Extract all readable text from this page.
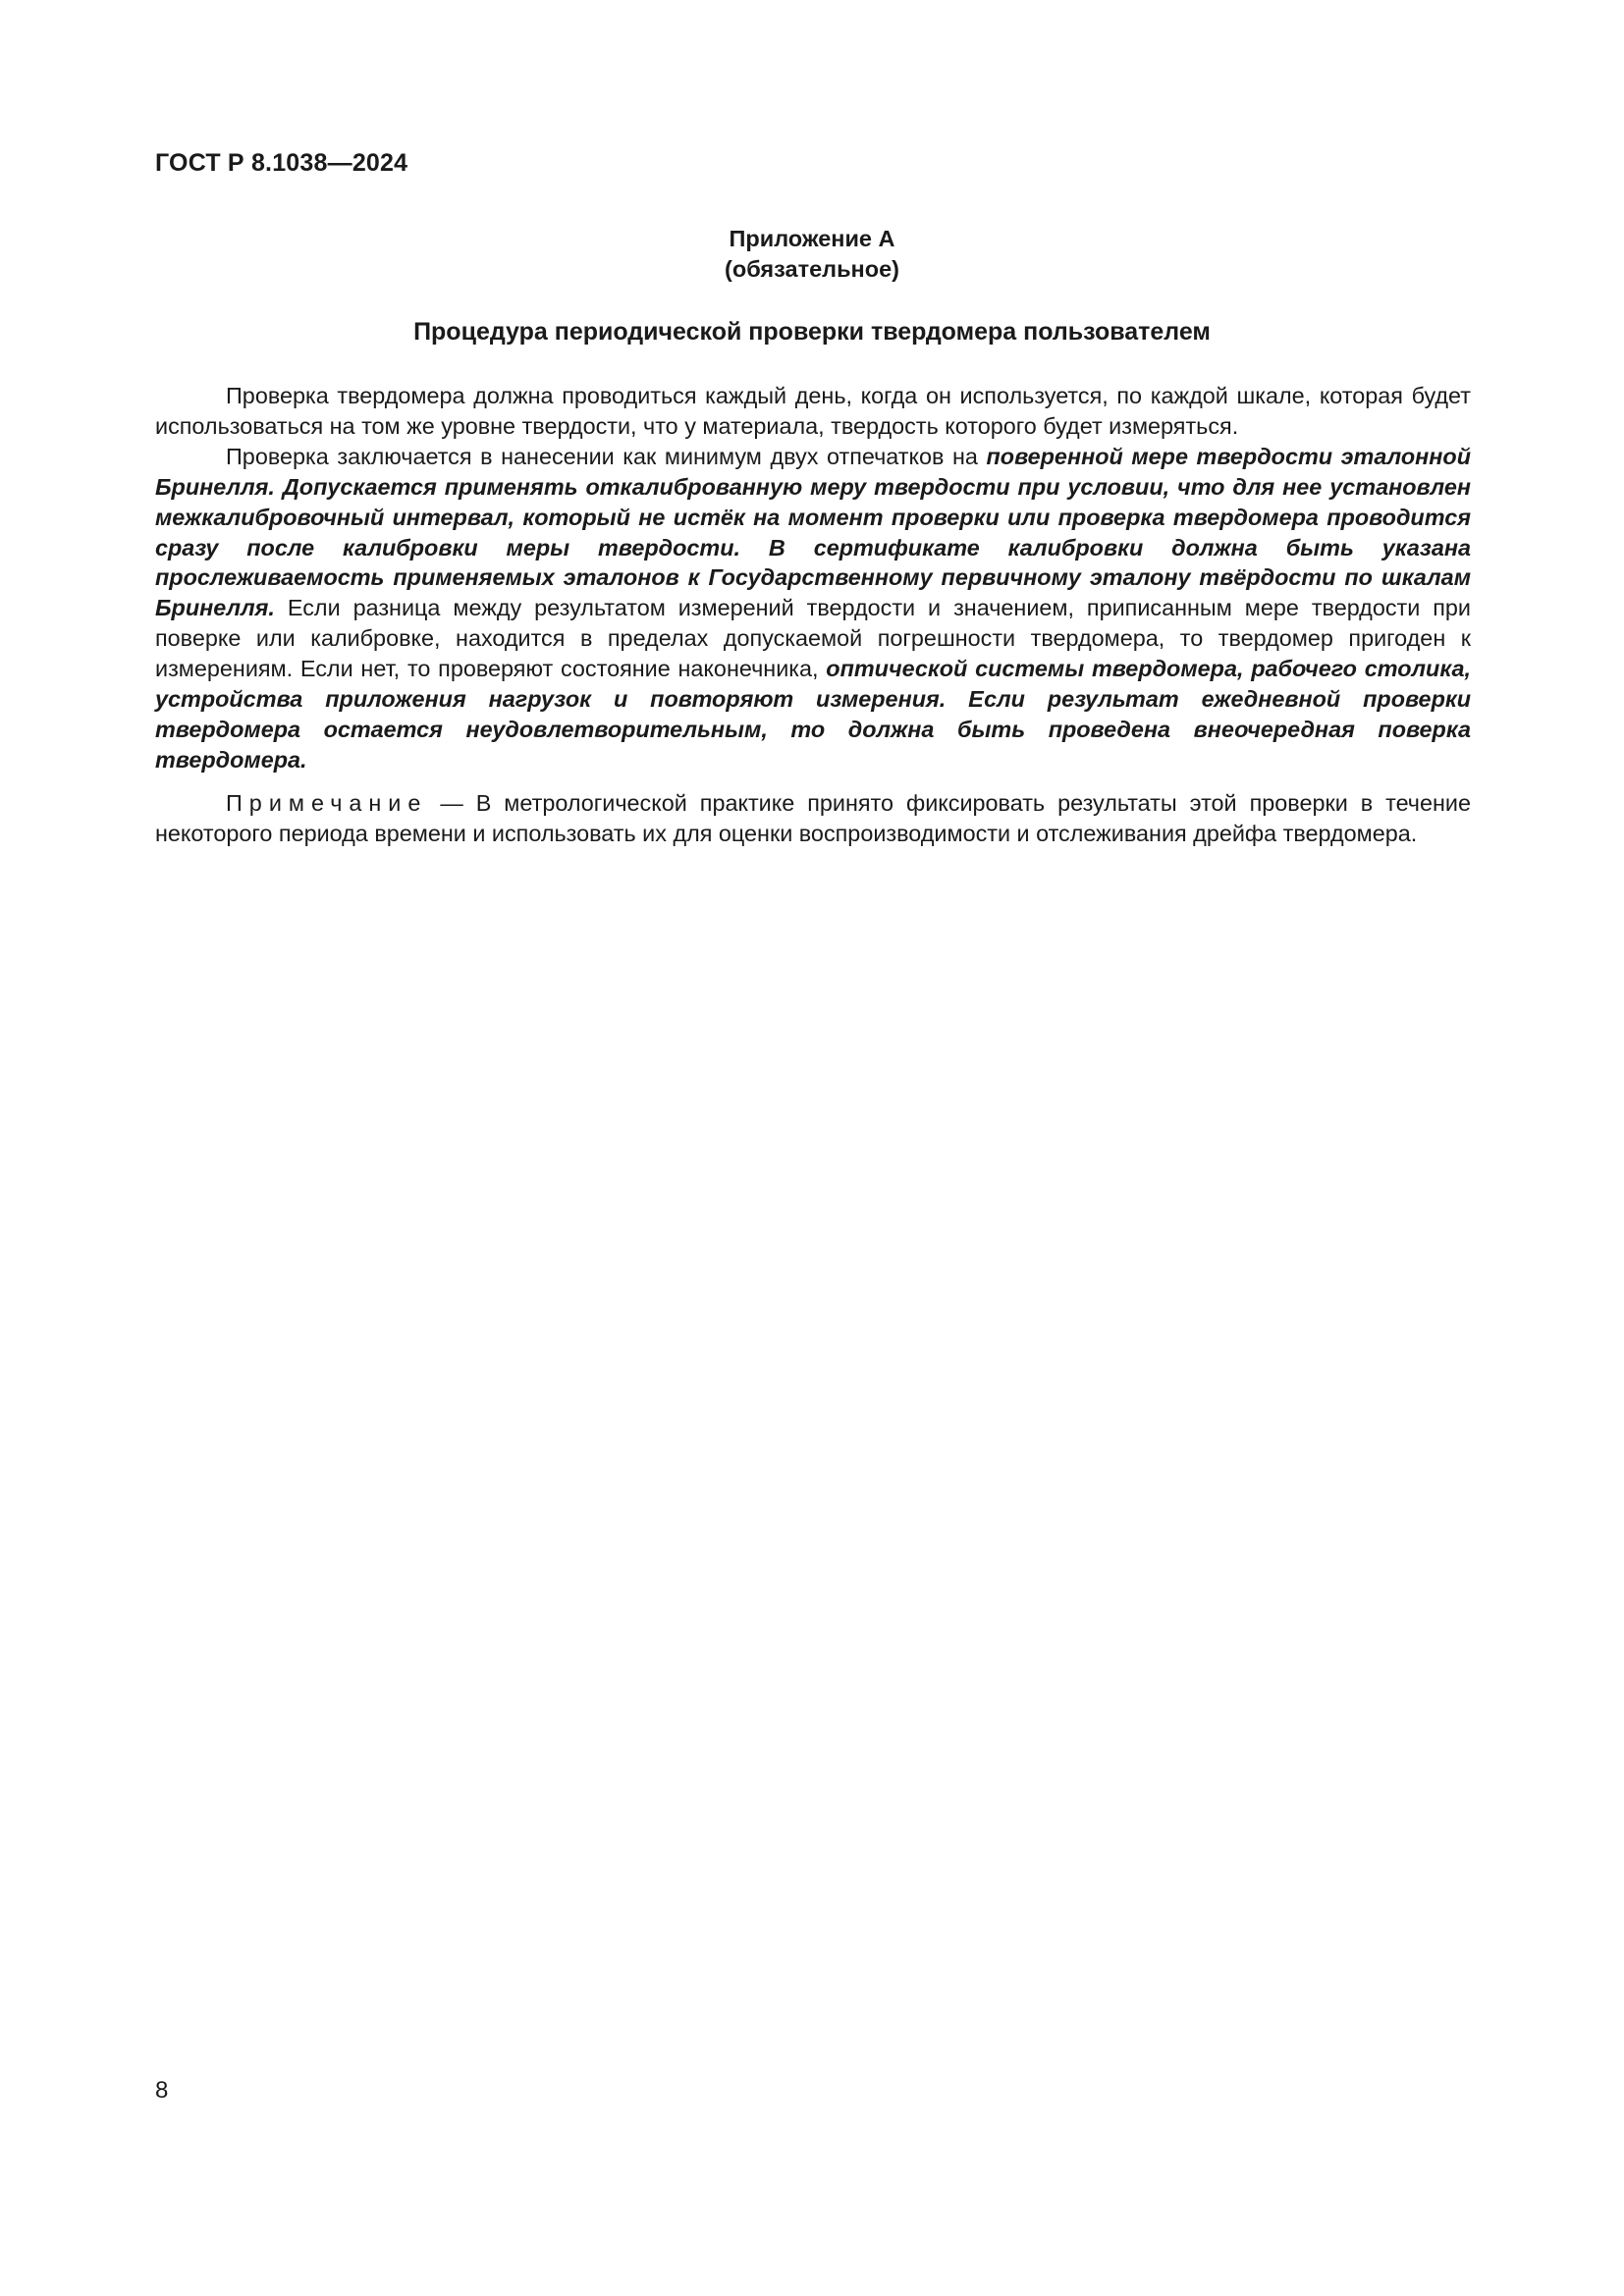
ГОСТ Р 8.1038—2024
Приложение А
(обязательное)
Процедура периодической проверки твердомера пользователем

Проверка твердомера должна проводиться каждый день, когда он используется, по каждой шкале, которая будет использоваться на том же уровне твердости, что у материала, твердость которого будет измеряться.

Проверка заключается в нанесении как минимум двух отпечатков на поверенной мере твердости эталонной Бринелля. Допускается применять откалиброванную меру твердости при условии, что для нее установлен межкалибровочный интервал, который не истёк на момент проверки или проверка твердомера проводится сразу после калибровки меры твердости. В сертификате калибровки должна быть указана прослеживаемость применяемых эталонов к Государственному первичному эталону твёрдости по шкалам Бринелля. Если разница между результатом измерений твердости и значением, приписанным мере твердости при поверке или калибровке, находится в пределах допускаемой погрешности твердомера, то твердомер пригоден к измерениям. Если нет, то проверяют состояние наконечника, оптической системы твердомера, рабочего столика, устройства приложения нагрузок и повторяют измерения. Если результат ежедневной проверки твердомера остается неудовлетворительным, то должна быть проведена внеочередная поверка твердомера.

Примечание — В метрологической практике принято фиксировать результаты этой проверки в течение некоторого периода времени и использовать их для оценки воспроизводимости и отслеживания дрейфа твердомера.

8
